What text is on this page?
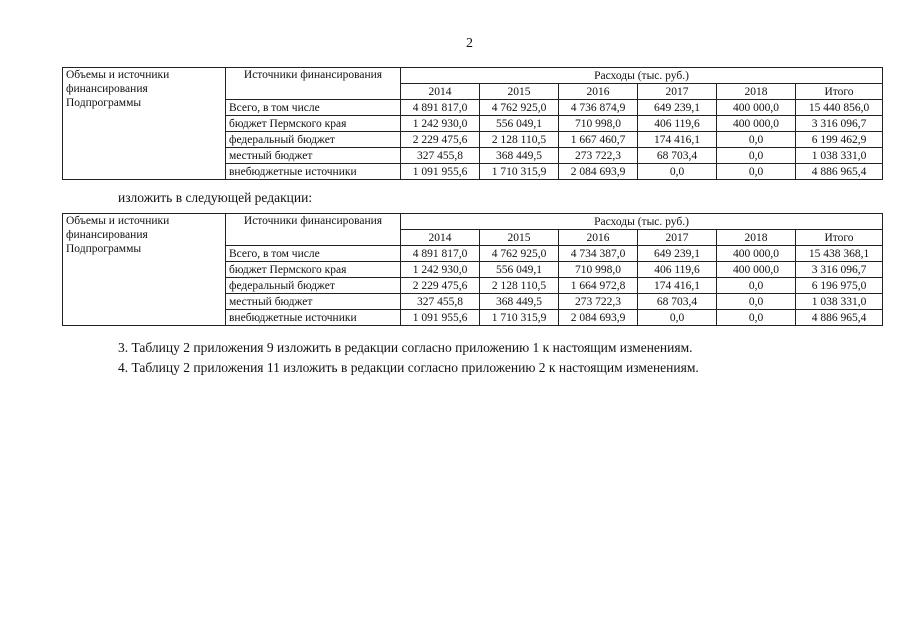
2
Объемы и источники финансирования Подпрограммы	Источники финансирования	Расходы (тыс. руб.)					
		2014	2015	2016	2017	2018	Итого
	Всего, в том числе	4 891 817,0	4 762 925,0	4 736 874,9	649 239,1	400 000,0	15 440 856,0
	бюджет Пермского края	1 242 930,0	556 049,1	710 998,0	406 119,6	400 000,0	3 316 096,7
	федеральный бюджет	2 229 475,6	2 128 110,5	1 667 460,7	174 416,1	0,0	6 199 462,9
	местный бюджет	327 455,8	368 449,5	273 722,3	68 703,4	0,0	1 038 331,0
	внебюджетные источники	1 091 955,6	1 710 315,9	2 084 693,9	0,0	0,0	4 886 965,4
изложить в следующей редакции:
Объемы и источники финансирования Подпрограммы	Источники финансирования	Расходы (тыс. руб.)					
		2014	2015	2016	2017	2018	Итого
	Всего, в том числе	4 891 817,0	4 762 925,0	4 734 387,0	649 239,1	400 000,0	15 438 368,1
	бюджет Пермского края	1 242 930,0	556 049,1	710 998,0	406 119,6	400 000,0	3 316 096,7
	федеральный бюджет	2 229 475,6	2 128 110,5	1 664 972,8	174 416,1	0,0	6 196 975,0
	местный бюджет	327 455,8	368 449,5	273 722,3	68 703,4	0,0	1 038 331,0
	внебюджетные источники	1 091 955,6	1 710 315,9	2 084 693,9	0,0	0,0	4 886 965,4
3. Таблицу 2 приложения 9 изложить в редакции согласно приложению 1 к настоящим изменениям.
4. Таблицу 2 приложения 11 изложить в редакции согласно приложению 2 к настоящим изменениям.
